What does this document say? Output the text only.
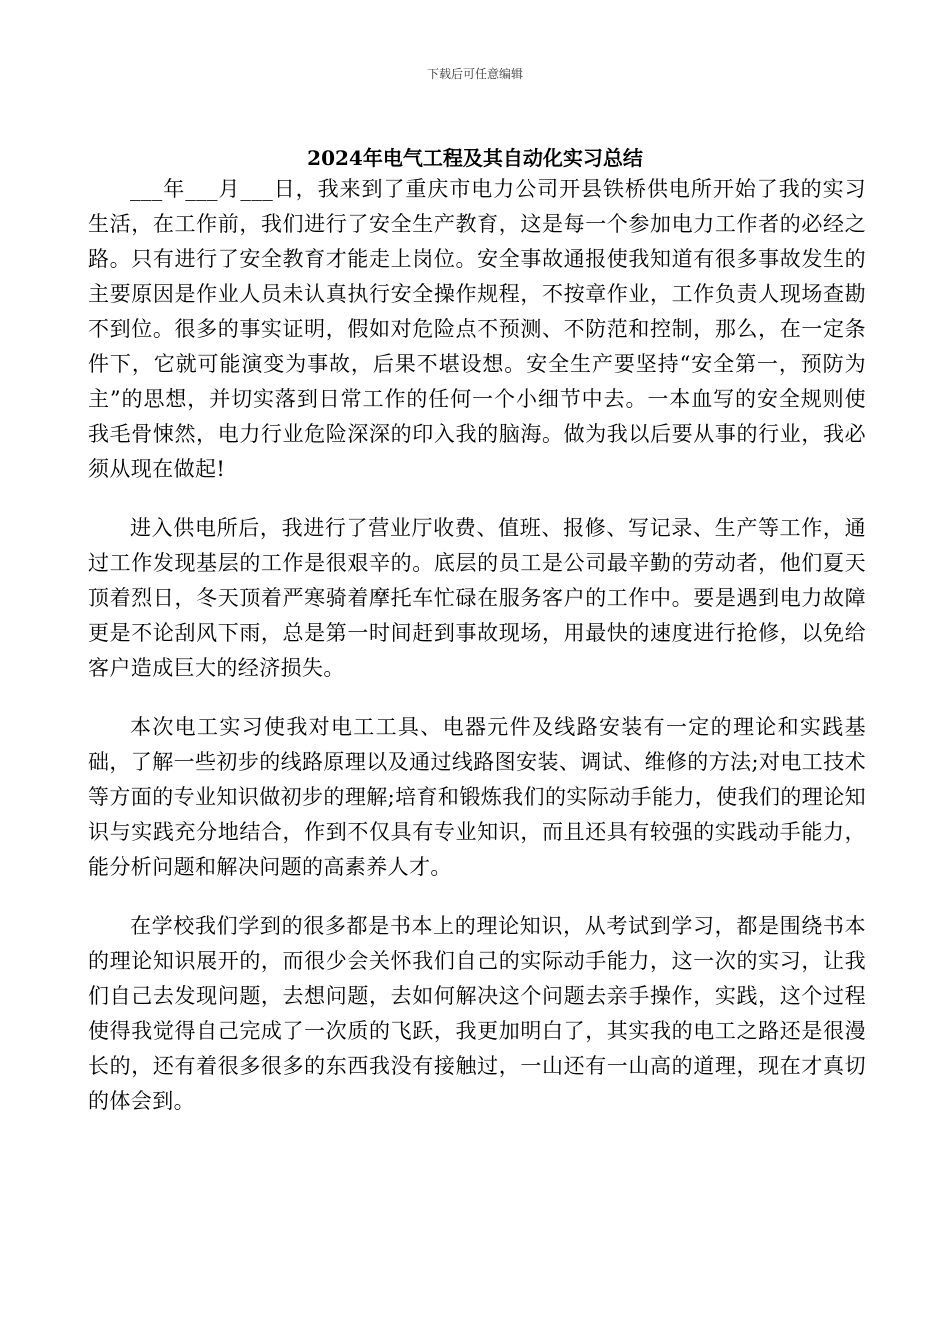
下载后可任意编辑
2024年电气工程及其自动化实习总结

___年___月___日，我来到了重庆市电力公司开县铁桥供电所开始了我的实习生活，在工作前，我们进行了安全生产教育，这是每一个参加电力工作者的必经之路。只有进行了安全教育才能走上岗位。安全事故通报使我知道有很多事故发生的主要原因是作业人员未认真执行安全操作规程，不按章作业，工作负责人现场查勘不到位。很多的事实证明，假如对危险点不预测、不防范和控制，那么，在一定条件下，它就可能演变为事故，后果不堪设想。安全生产要坚持“安全第一，预防为主”的思想，并切实落到日常工作的任何一个小细节中去。一本血写的安全规则使我毛骨悚然，电力行业危险深深的印入我的脑海。做为我以后要从事的行业，我必须从现在做起!

进入供电所后，我进行了营业厅收费、值班、报修、写记录、生产等工作，通过工作发现基层的工作是很艰辛的。底层的员工是公司最辛勤的劳动者，他们夏天顶着烈日，冬天顶着严寒骑着摩托车忙碌在服务客户的工作中。要是遇到电力故障更是不论刮风下雨，总是第一时间赶到事故现场，用最快的速度进行抢修，以免给客户造成巨大的经济损失。

本次电工实习使我对电工工具、电器元件及线路安装有一定的理论和实践基础，了解一些初步的线路原理以及通过线路图安装、调试、维修的方法;对电工技术等方面的专业知识做初步的理解;培育和锻炼我们的实际动手能力，使我们的理论知识与实践充分地结合，作到不仅具有专业知识，而且还具有较强的实践动手能力，能分析问题和解决问题的高素养人才。

在学校我们学到的很多都是书本上的理论知识，从考试到学习，都是围绕书本的理论知识展开的，而很少会关怀我们自己的实际动手能力，这一次的实习，让我们自己去发现问题，去想问题，去如何解决这个问题去亲手操作，实践，这个过程使得我觉得自己完成了一次质的飞跃，我更加明白了，其实我的电工之路还是很漫长的，还有着很多很多的东西我没有接触过，一山还有一山高的道理，现在才真切的体会到。
